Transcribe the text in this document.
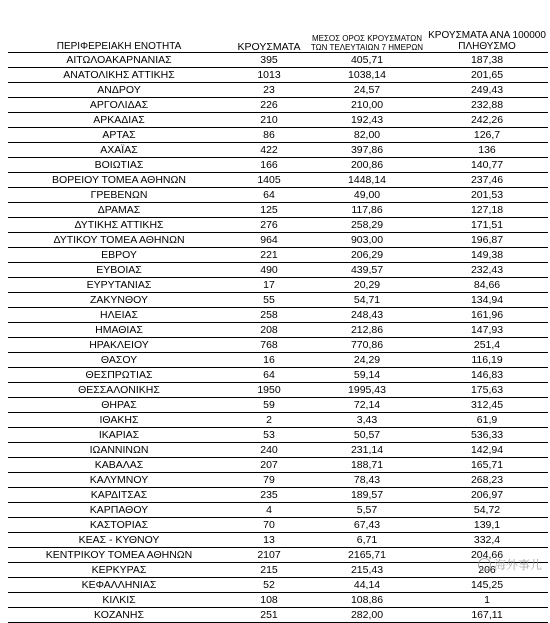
ΠΕΡΙΦΕΡΕΙΑΚΗ ΕΝΟΤΗΤΑ	ΚΡΟΥΣΜΑΤΑ	ΜΕΣΟΣ ΟΡΟΣ ΚΡΟΥΣΜΑΤΩΝ
ΤΩΝ ΤΕΛΕΥΤΑΙΩΝ 7 ΗΜΕΡΩΝ	ΚΡΟΥΣΜΑΤΑ ΑΝΑ 100000
ΠΛΗΘΥΣΜΟ
ΑΙΤΩΛΟΑΚΑΡΝΑΝΙΑΣ	395	405,71	187,38
ΑΝΑΤΟΛΙΚΗΣ ΑΤΤΙΚΗΣ	1013	1038,14	201,65
ΑΝΔΡΟΥ	23	24,57	249,43
ΑΡΓΟΛΙΔΑΣ	226	210,00	232,88
ΑΡΚΑΔΙΑΣ	210	192,43	242,26
ΑΡΤΑΣ	86	82,00	126,7
ΑΧΑΪΑΣ	422	397,86	136
ΒΟΙΩΤΙΑΣ	166	200,86	140,77
ΒΟΡΕΙΟΥ ΤΟΜΕΑ ΑΘΗΝΩΝ	1405	1448,14	237,46
ΓΡΕΒΕΝΩΝ	64	49,00	201,53
ΔΡΑΜΑΣ	125	117,86	127,18
ΔΥΤΙΚΗΣ ΑΤΤΙΚΗΣ	276	258,29	171,51
ΔΥΤΙΚΟΥ ΤΟΜΕΑ ΑΘΗΝΩΝ	964	903,00	196,87
ΕΒΡΟΥ	221	206,29	149,38
ΕΥΒΟΙΑΣ	490	439,57	232,43
ΕΥΡΥΤΑΝΙΑΣ	17	20,29	84,66
ΖΑΚΥΝΘΟΥ	55	54,71	134,94
ΗΛΕΙΑΣ	258	248,43	161,96
ΗΜΑΘΙΑΣ	208	212,86	147,93
ΗΡΑΚΛΕΙΟΥ	768	770,86	251,4
ΘΑΣΟΥ	16	24,29	116,19
ΘΕΣΠΡΩΤΙΑΣ	64	59,14	146,83
ΘΕΣΣΑΛΟΝΙΚΗΣ	1950	1995,43	175,63
ΘΗΡΑΣ	59	72,14	312,45
ΙΘΑΚΗΣ	2	3,43	61,9
ΙΚΑΡΙΑΣ	53	50,57	536,33
ΙΩΑΝΝΙΝΩΝ	240	231,14	142,94
ΚΑΒΑΛΑΣ	207	188,71	165,71
ΚΑΛΥΜΝΟΥ	79	78,43	268,23
ΚΑΡΔΙΤΣΑΣ	235	189,57	206,97
ΚΑΡΠΑΘΟΥ	4	5,57	54,72
ΚΑΣΤΟΡΙΑΣ	70	67,43	139,1
ΚΕΑΣ - ΚΥΘΝΟΥ	13	6,71	332,4
ΚΕΝΤΡΙΚΟΥ ΤΟΜΕΑ ΑΘΗΝΩΝ	2107	2165,71	204,66
ΚΕΡΚΥΡΑΣ	215	215,43	206
ΚΕΦΑΛΛΗΝΙΑΣ	52	44,14	145,25
ΚΙΛΚΙΣ	108	108,86	1
ΚΟΖΑΝΗΣ	251	282,00	167,11
海外事儿
